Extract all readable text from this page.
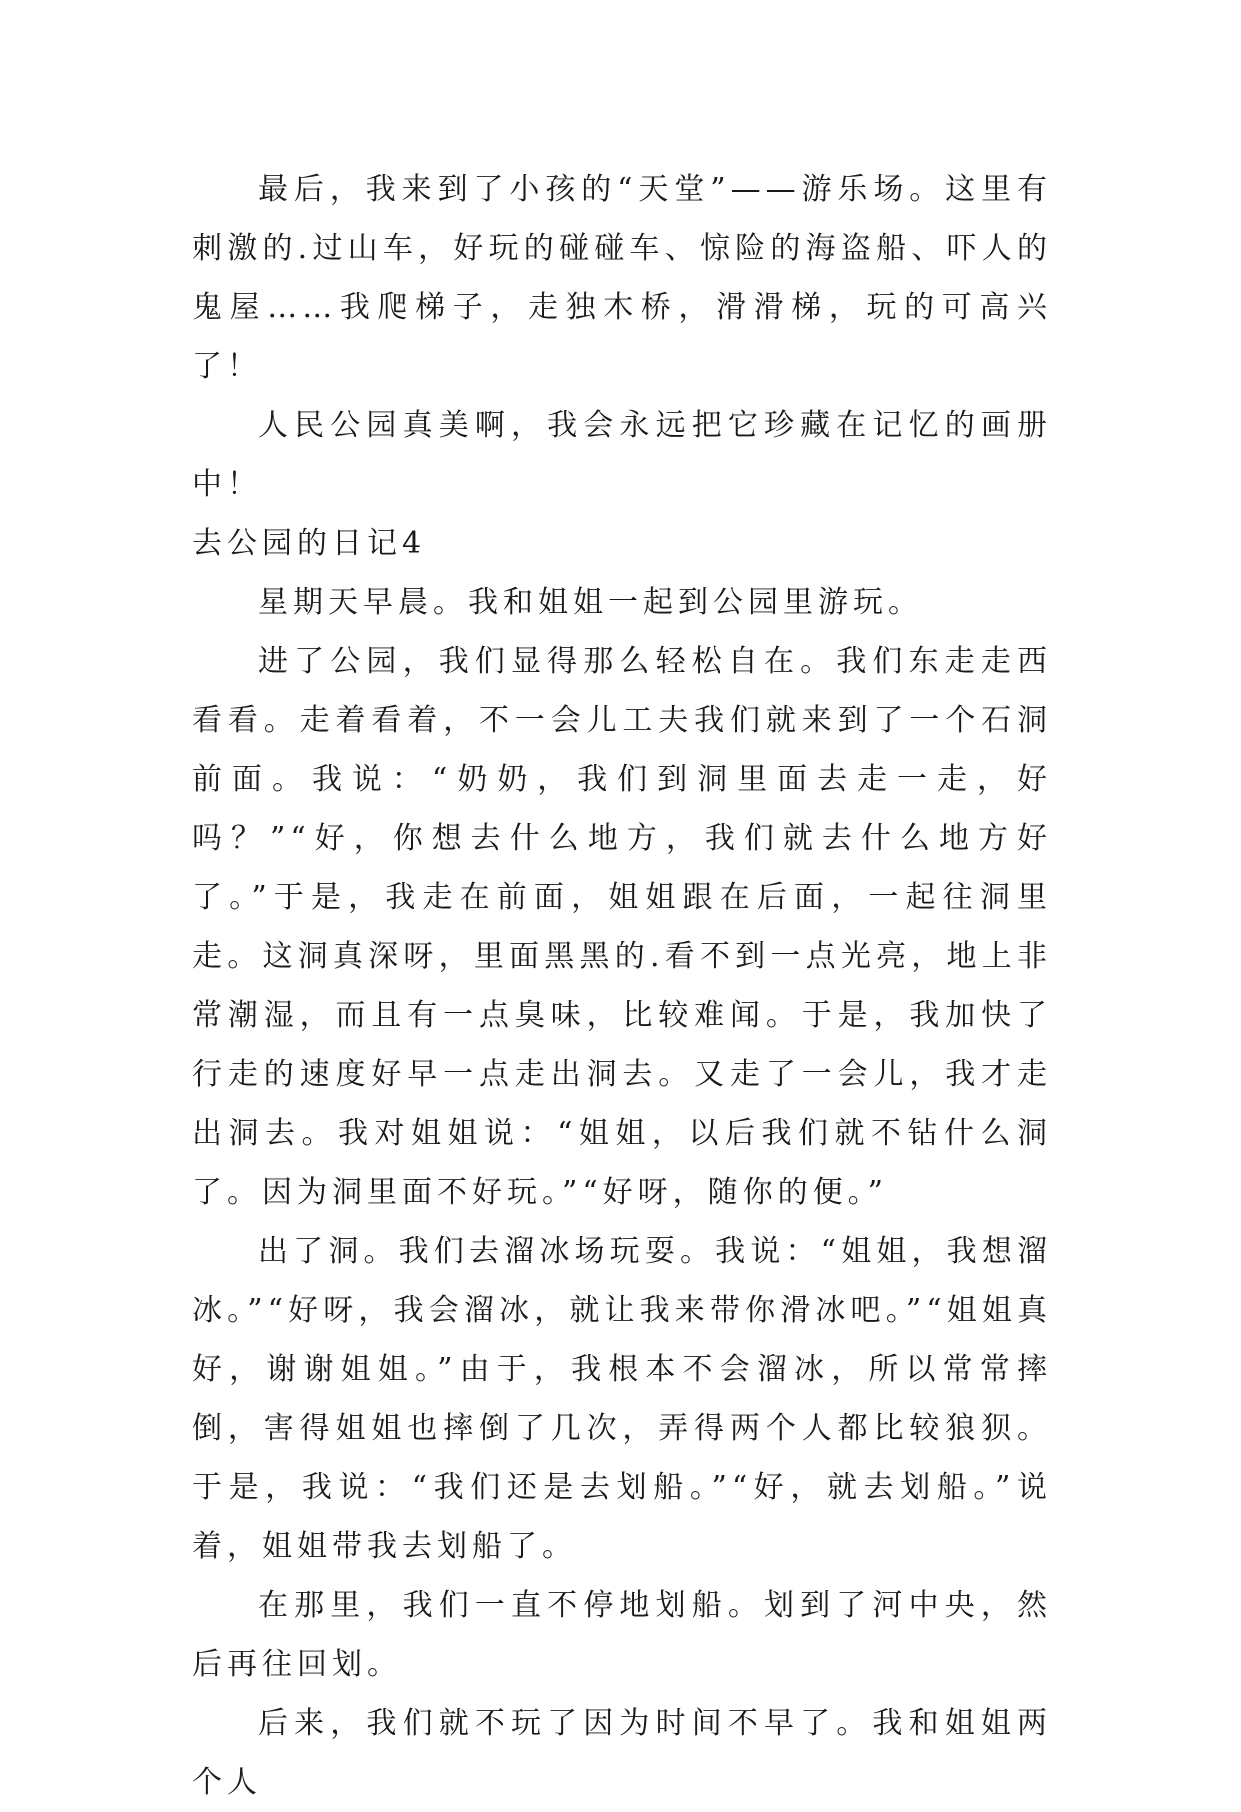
最后，我来到了小孩的“天堂”——游乐场。这里有刺激的.过山车，好玩的碰碰车、惊险的海盗船、吓人的鬼屋……我爬梯子，走独木桥，滑滑梯，玩的可高兴了！

人民公园真美啊，我会永远把它珍藏在记忆的画册中！

去公园的日记4

星期天早晨。我和姐姐一起到公园里游玩。

进了公园，我们显得那么轻松自在。我们东走走西看看。走着看着，不一会儿工夫我们就来到了一个石洞前面。我说：“奶奶，我们到洞里面去走一走，好吗？”“好，你想去什么地方，我们就去什么地方好了。”于是，我走在前面，姐姐跟在后面，一起往洞里走。这洞真深呀，里面黑黑的.看不到一点光亮，地上非常潮湿，而且有一点臭味，比较难闻。于是，我加快了行走的速度好早一点走出洞去。又走了一会儿，我才走出洞去。我对姐姐说：“姐姐，以后我们就不钻什么洞了。因为洞里面不好玩。”“好呀，随你的便。”

出了洞。我们去溜冰场玩耍。我说：“姐姐，我想溜冰。”“好呀，我会溜冰，就让我来带你滑冰吧。”“姐姐真好，谢谢姐姐。”由于，我根本不会溜冰，所以常常摔倒，害得姐姐也摔倒了几次，弄得两个人都比较狼狈。于是，我说：“我们还是去划船。”“好，就去划船。”说着，姐姐带我去划船了。

在那里，我们一直不停地划船。划到了河中央，然后再往回划。

后来，我们就不玩了因为时间不早了。我和姐姐两个人
